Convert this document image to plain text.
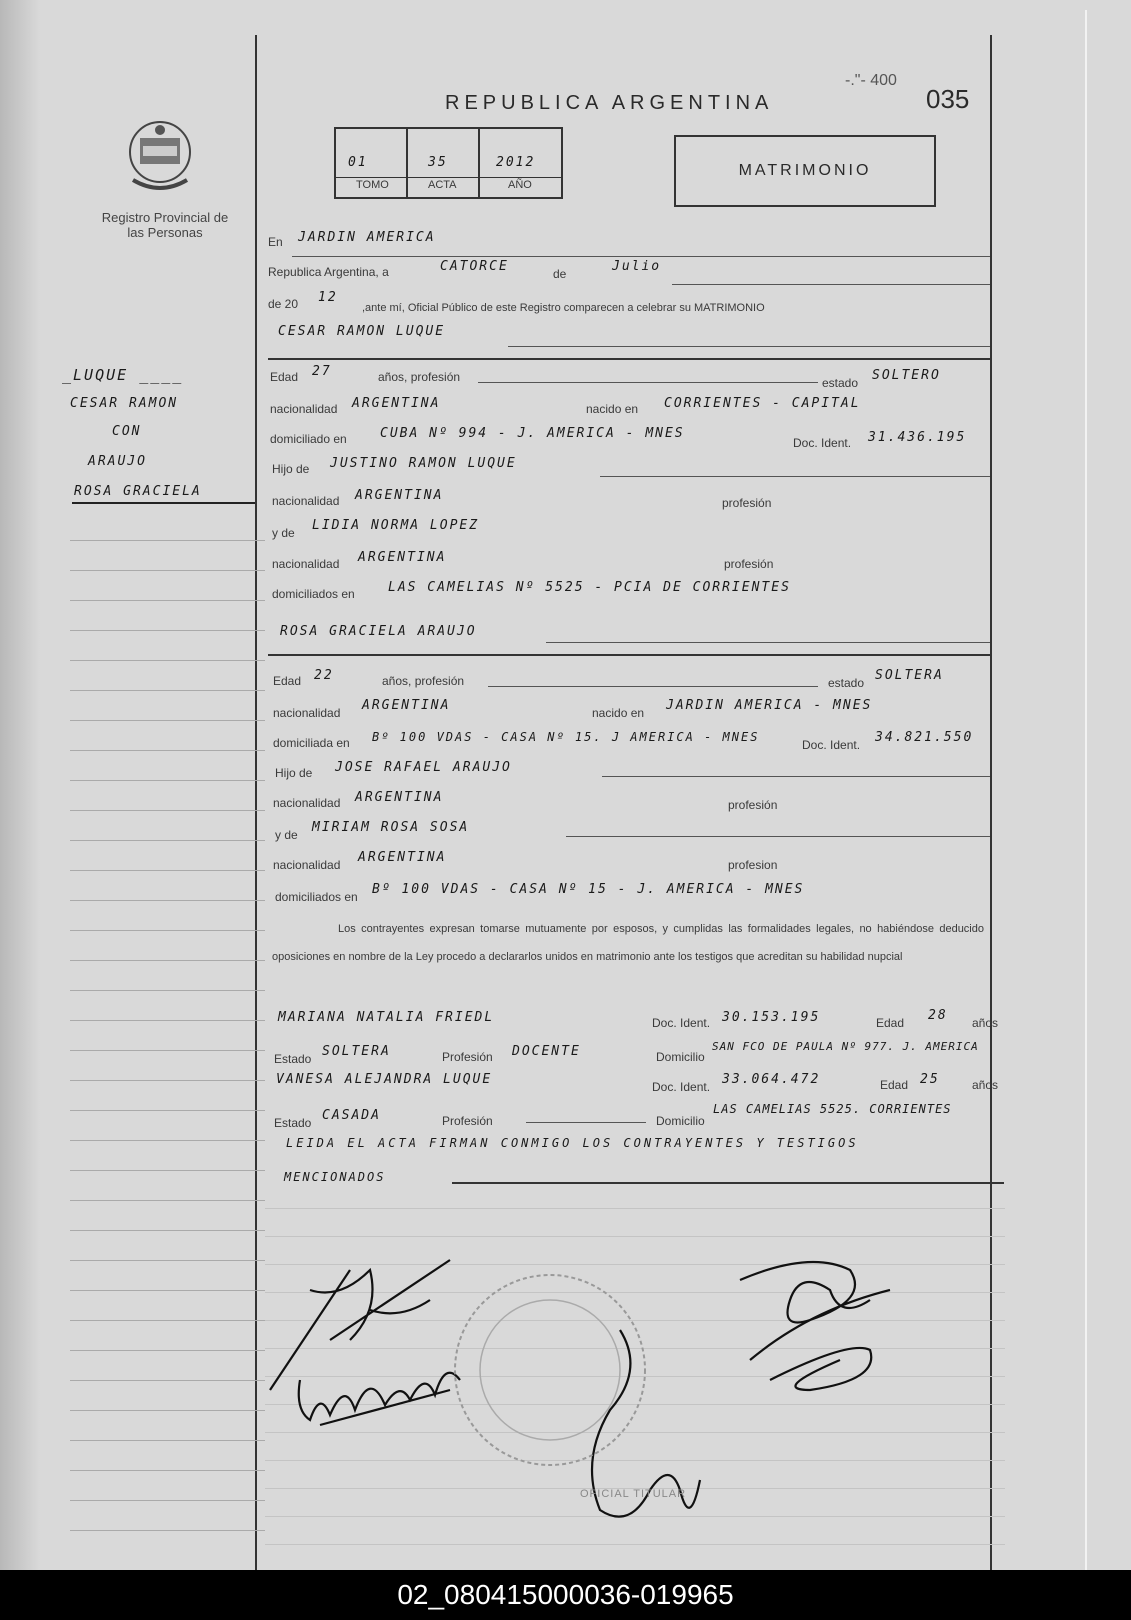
REPUBLICA ARGENTINA
-."- 400
035
Registro Provincial de las Personas
01	35	2012
TOMO	ACTA	AÑO
MATRIMONIO
_LUQUE ____
CESAR RAMON
CON
ARAUJO
ROSA GRACIELA
En JARDIN AMERICA
Republica Argentina, a	CATORCE	de	Julio
de 20 12
,ante mí, Oficial Público de este Registro comparecen a celebrar su MATRIMONIO
CESAR RAMON LUQUE
Edad 27	años, profesión	estado SOLTERO
nacionalidad ARGENTINA	nacido en CORRIENTES - CAPITAL
domiciliado en	CUBA Nº 994 - J. AMERICA - MNES
Doc. Ident. 31.436.195
Hijo de JUSTINO RAMON LUQUE
nacionalidad ARGENTINA	profesión
y de LIDIA NORMA LOPEZ
nacionalidad ARGENTINA	profesión
domiciliados en	LAS CAMELIAS Nº 5525 - PCIA DE CORRIENTES
ROSA GRACIELA ARAUJO
Edad 22	años, profesión	estado SOLTERA
nacionalidad ARGENTINA	nacido en JARDIN AMERICA - MNES
domiciliada en Bº 100 VDAS - CASA Nº 15. J AMERICA - MNES
Doc. Ident. 34.821.550
Hijo de JOSE RAFAEL ARAUJO
nacionalidad ARGENTINA	profesión
y de MIRIAM ROSA SOSA
nacionalidad ARGENTINA	profesion
domiciliados en Bº 100 VDAS - CASA Nº 15 - J. AMERICA - MNES
Los contrayentes expresan tomarse mutuamente por esposos, y cumplidas las formalidades legales, no habiéndose deducido oposiciones en nombre de la Ley procedo a declararlos unidos en matrimonio ante los testigos que acreditan su habilidad nupcial
MARIANA NATALIA FRIEDL	Doc. Ident. 30.153.195	Edad 28 años
Estado SOLTERA	Profesión DOCENTE	Domicilio
SAN FCO DE PAULA Nº 977. J. AMERICA
VANESA ALEJANDRA LUQUE	Doc. Ident. 33.064.472	Edad 25	años
Estado CASADA	Profesión	Domicilio
LAS CAMELIAS 5525. CORRIENTES
LEIDA EL ACTA FIRMAN CONMIGO LOS CONTRAYENTES Y TESTIGOS
MENCIONADOS
OFICIAL TITULAR
02_080415000036-019965
